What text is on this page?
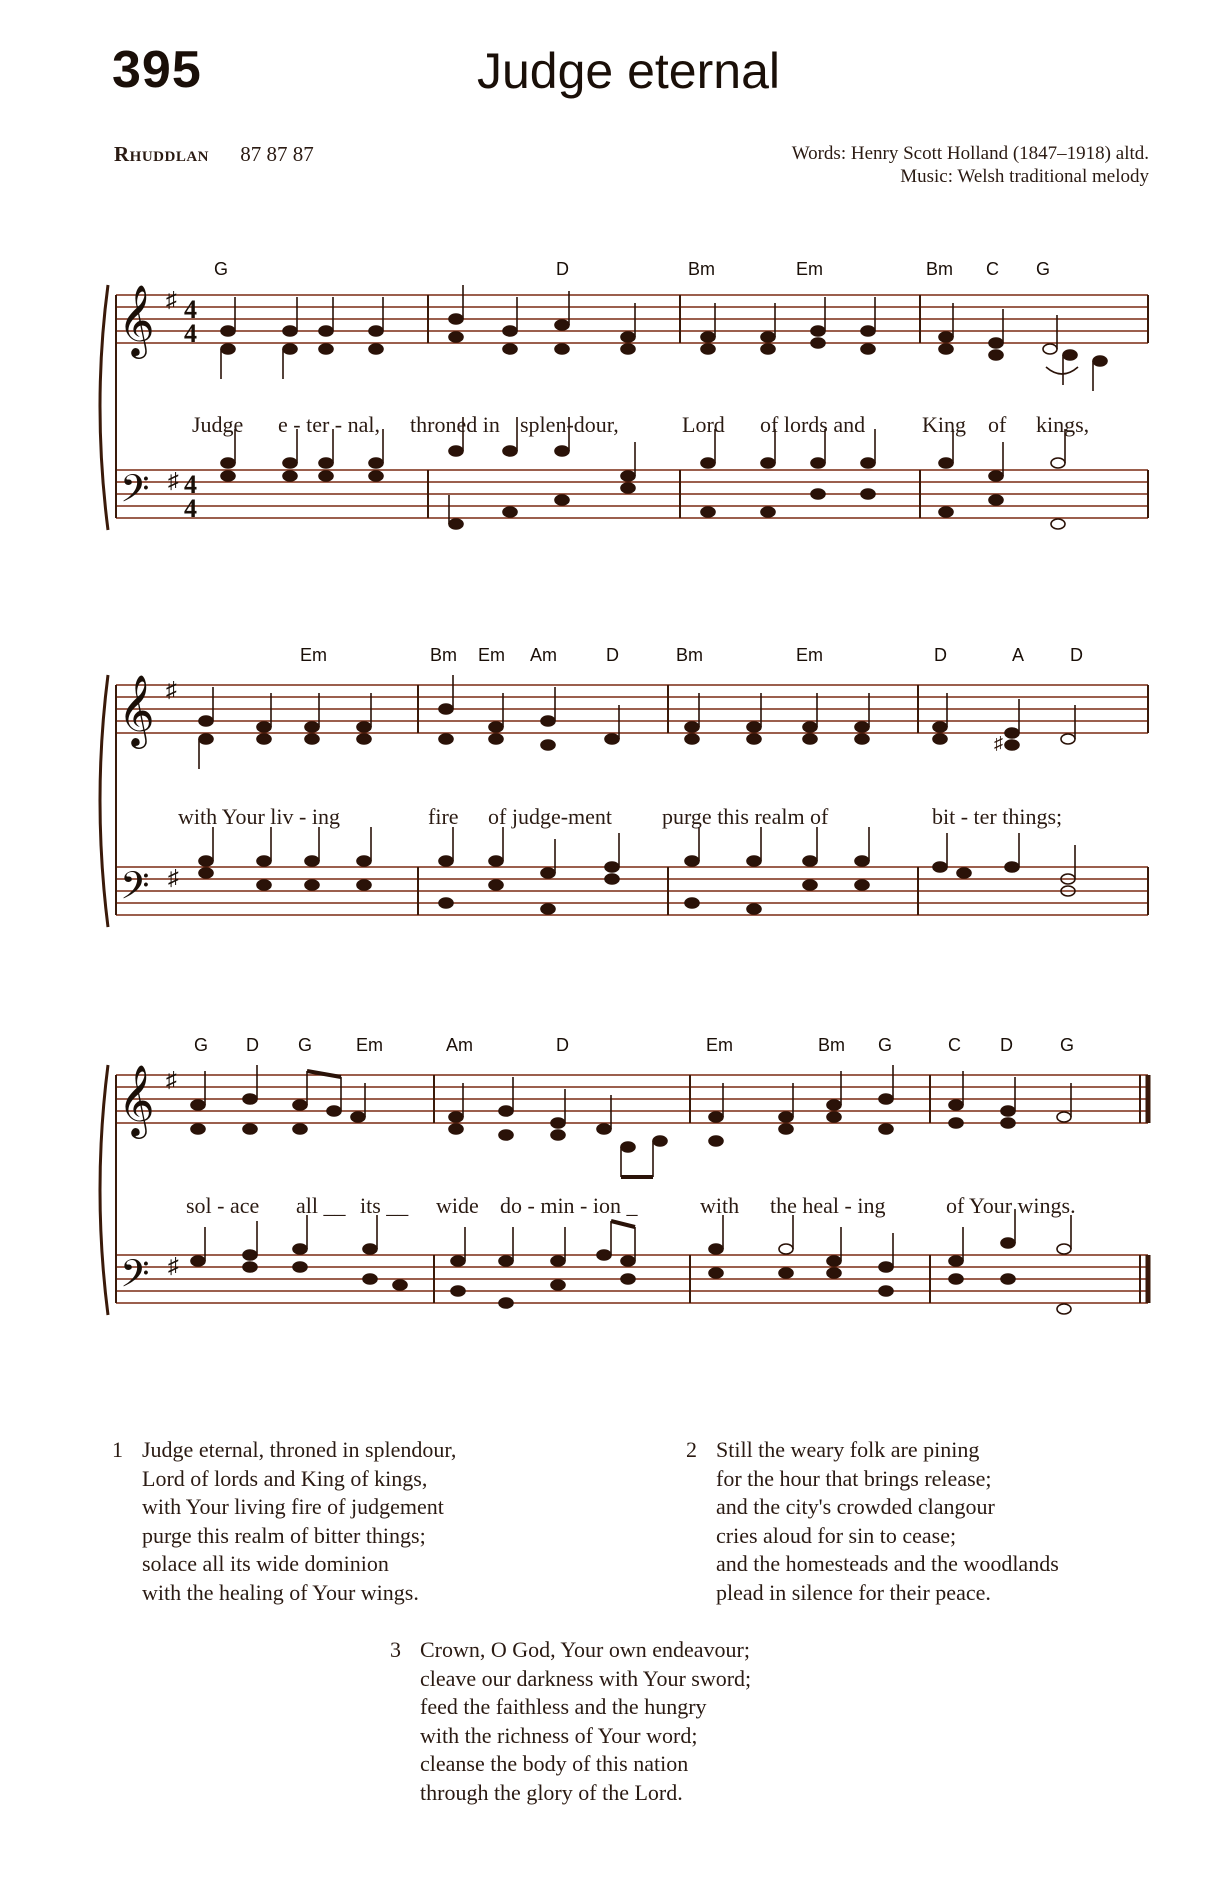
395	Judge eternal
Rhuddlan 87 87 87	Words: Henry Scott Holland (1847–1918) altd.
Music: Welsh traditional melody
G	D	Bm	Em	Bm C G
𝄞
𝄢
♯
♯
4
4
4
4
Judge e - ter - nal, throned in splen-dour,	Lord of lords and	King of kings,
Em	Bm Em Am	D	Bm	Em	D	A	D
𝄞
𝄢
♯
♯
♯
with Your liv - ing	fire of judge-ment purge this realm of	bit - ter things;
G D G Em	Am	D	Em	Bm G	C D	G
𝄞
𝄢
♯
♯
sol - ace all __ its __ wide do - min - ion _	with the heal - ing	of Your wings.
1 Judge eternal, throned in splendour,
Lord of lords and King of kings,
with Your living fire of judgement
purge this realm of bitter things;
solace all its wide dominion
with the healing of Your wings.
2 Still the weary folk are pining
for the hour that brings release;
and the city's crowded clangour
cries aloud for sin to cease;
and the homesteads and the woodlands
plead in silence for their peace.
3 Crown, O God, Your own endeavour;
cleave our darkness with Your sword;
feed the faithless and the hungry
with the richness of Your word;
cleanse the body of this nation
through the glory of the Lord.
